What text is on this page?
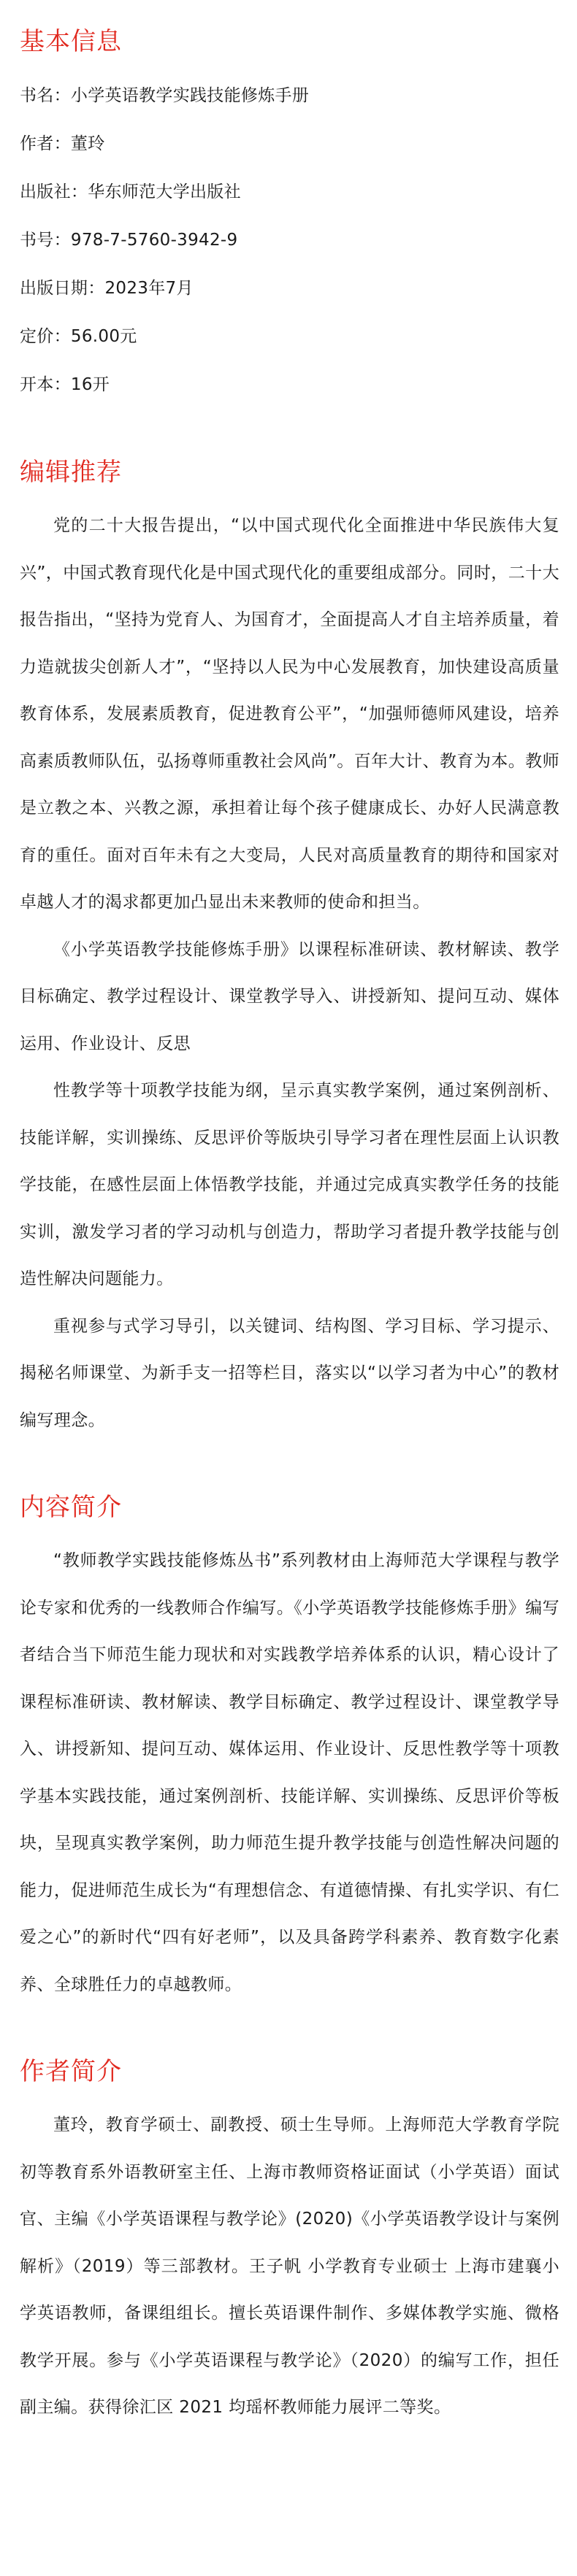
基本信息

书名：小学英语教学实践技能修炼手册

作者：董玲

出版社：华东师范大学出版社

书号：978-7-5760-3942-9

出版日期：2023年7月

定价：56.00元

开本：16开

编辑推荐

党的二十大报告提出，“以中国式现代化全面推进中华民族伟大复兴”，中国式教育现代化是中国式现代化的重要组成部分。同时，二十大报告指出，“坚持为党育人、为国育才，全面提高人才自主培养质量，着力造就拔尖创新人才”，“坚持以人民为中心发展教育，加快建设高质量教育体系，发展素质教育，促进教育公平”，“加强师德师风建设，培养高素质教师队伍，弘扬尊师重教社会风尚”。百年大计、教育为本。教师是立教之本、兴教之源，承担着让每个孩子健康成长、办好人民满意教育的重任。面对百年未有之大变局，人民对高质量教育的期待和国家对卓越人才的渴求都更加凸显出未来教师的使命和担当。

《小学英语教学技能修炼手册》以课程标准研读、教材解读、教学目标确定、教学过程设计、课堂教学导入、讲授新知、提问互动、媒体运用、作业设计、反思

性教学等十项教学技能为纲，呈示真实教学案例，通过案例剖析、技能详解，实训操练、反思评价等版块引导学习者在理性层面上认识教学技能，在感性层面上体悟教学技能，并通过完成真实教学任务的技能实训，激发学习者的学习动机与创造力，帮助学习者提升教学技能与创造性解决问题能力。

重视参与式学习导引，以关键词、结构图、学习目标、学习提示、揭秘名师课堂、为新手支一招等栏目，落实以“以学习者为中心”的教材编写理念。

内容简介

“教师教学实践技能修炼丛书”系列教材由上海师范大学课程与教学论专家和优秀的一线教师合作编写。《小学英语教学技能修炼手册》编写者结合当下师范生能力现状和对实践教学培养体系的认识，精心设计了课程标准研读、教材解读、教学目标确定、教学过程设计、课堂教学导入、讲授新知、提问互动、媒体运用、作业设计、反思性教学等十项教学基本实践技能，通过案例剖析、技能详解、实训操练、反思评价等板块，呈现真实教学案例，助力师范生提升教学技能与创造性解决问题的能力，促进师范生成长为“有理想信念、有道德情操、有扎实学识、有仁爱之心”的新时代“四有好老师”，以及具备跨学科素养、教育数字化素养、全球胜任力的卓越教师。

作者简介

董玲，教育学硕士、副教授、硕士生导师。上海师范大学教育学院初等教育系外语教研室主任、上海市教师资格证面试（小学英语）面试官、主编《小学英语课程与教学论》(2020)《小学英语教学设计与案例解析》（2019）等三部教材。王子帆 小学教育专业硕士 上海市建襄小学英语教师，备课组组长。擅长英语课件制作、多媒体教学实施、微格教学开展。参与《小学英语课程与教学论》（2020）的编写工作，担任副主编。获得徐汇区 2021 均瑶杯教师能力展评二等奖。
